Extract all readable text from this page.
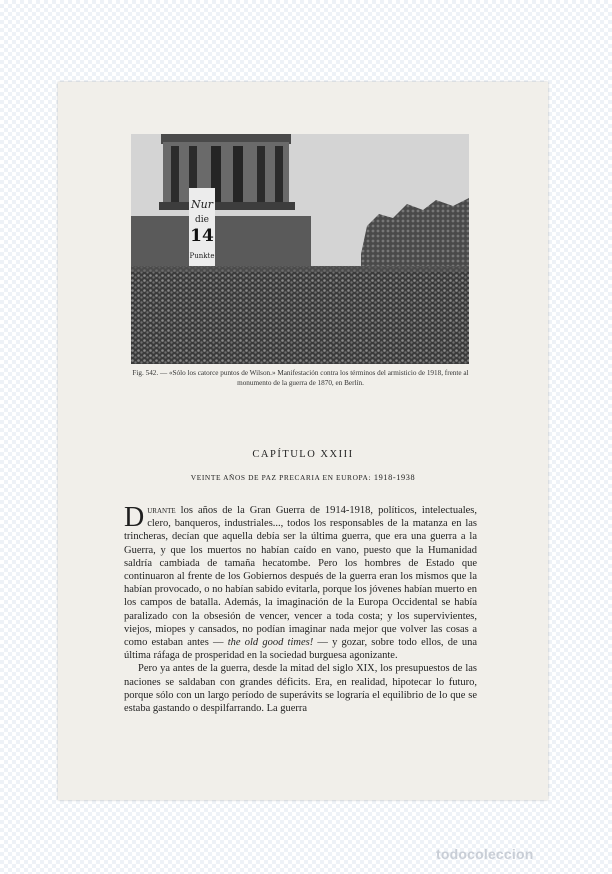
Nur
die
14
Punkte
Fig. 542. — «Sólo los catorce puntos de Wilson.» Manifestación contra los términos del armisticio de 1918, frente al monumento de la guerra de 1870, en Berlín.
CAPÍTULO XXIII
VEINTE AÑOS DE PAZ PRECARIA EN EUROPA: 1918-1938

Durante los años de la Gran Guerra de 1914-1918, políticos, intelectuales, clero, banqueros, industriales..., todos los responsables de la matanza en las trincheras, decían que aquella debía ser la última guerra, que era una guerra a la Guerra, y que los muertos no habían caído en vano, puesto que la Humanidad saldría cambiada de tamaña hecatombe. Pero los hombres de Estado que continuaron al frente de los Gobiernos después de la guerra eran los mismos que la habían provocado, o no habían sabido evitarla, porque los jóvenes habían muerto en los campos de batalla. Además, la imaginación de la Europa Occidental se había paralizado con la obsesión de vencer, vencer a toda costa; y los supervivientes, viejos, miopes y cansados, no podían imaginar nada mejor que volver las cosas a como estaban antes — the old good times! — y gozar, sobre todo ellos, de una última ráfaga de prosperidad en la sociedad burguesa agonizante.

Pero ya antes de la guerra, desde la mitad del siglo XIX, los presupuestos de las naciones se saldaban con grandes déficits. Era, en realidad, hipotecar lo futuro, porque sólo con un largo período de superávits se lograría el equilibrio de lo que se estaba gastando o despilfarrando. La guerra

todocoleccion
